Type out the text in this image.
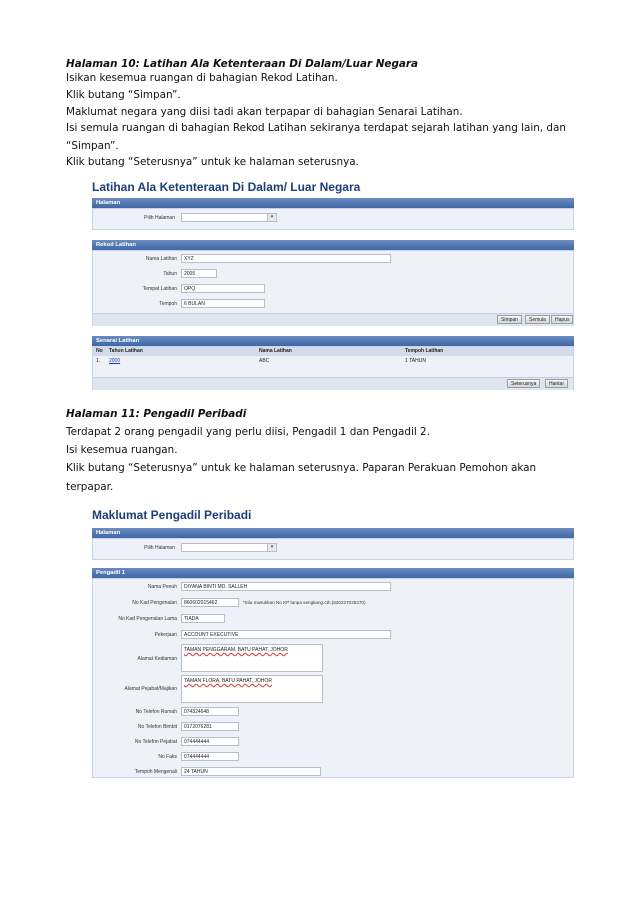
Halaman 10: Latihan Ala Ketenteraan Di Dalam/Luar Negara
Isikan kesemua ruangan di bahagian Rekod Latihan.
Klik butang “Simpan”.
Maklumat negara yang diisi tadi akan terpapar di bahagian Senarai Latihan.
Isi semula ruangan di bahagian Rekod Latihan sekiranya terdapat sejarah latihan yang lain, dan
“Simpan”.
Klik butang “Seterusnya” untuk ke halaman seterusnya.
Latihan Ala Ketenteraan Di Dalam/ Luar Negara
Halaman
Pilih Halaman	▾
Rekod Latihan
Nama Latihan	XYZ
Tahun	2005
Tempat Latihan	OPQ
Tempoh	6 BULAN
Simpan	Semula	Hapus
Senarai Latihan
No Tahun Latihan	Nama Latihan	Tempoh Latihan
1. 2000	ABC	1 TAHUN
Seterusnya	Hantar
Halaman 11: Pengadil Peribadi
Terdapat 2 orang pengadil yang perlu diisi, Pengadil 1 dan Pengadil 2.
Isi kesemua ruangan.
Klik butang “Seterusnya” untuk ke halaman seterusnya. Paparan Perakuan Pemohon akan
terpapar.
Maklumat Pengadil Peribadi
Halaman
Pilih Halaman	▾
Pengadil 1
Nama Penuh	DIYANA BINTI MD. SALLEH
No Kad Pengenalan	860602015462	*Sila masukkan No KP tanpa sengkang.cth.(820227025370)
No Kad Pengenalan Lama	TIADA
Pekerjaan	ACCOUNT EXECUTIVE
Alamat Kediaman
TAMAN PENGGARAM, BATU PAHAT, JOHOR
Alamat Pejabat/Majikan
TAMAN FLORA, BATU PAHAT, JOHOR
No Telefon Rumah	074324648
No Telefon Bimbit	0172076281
No Telefon Pejabat	074444444
No Faks	074444444
Tempoh Mengenali	24 TAHUN
